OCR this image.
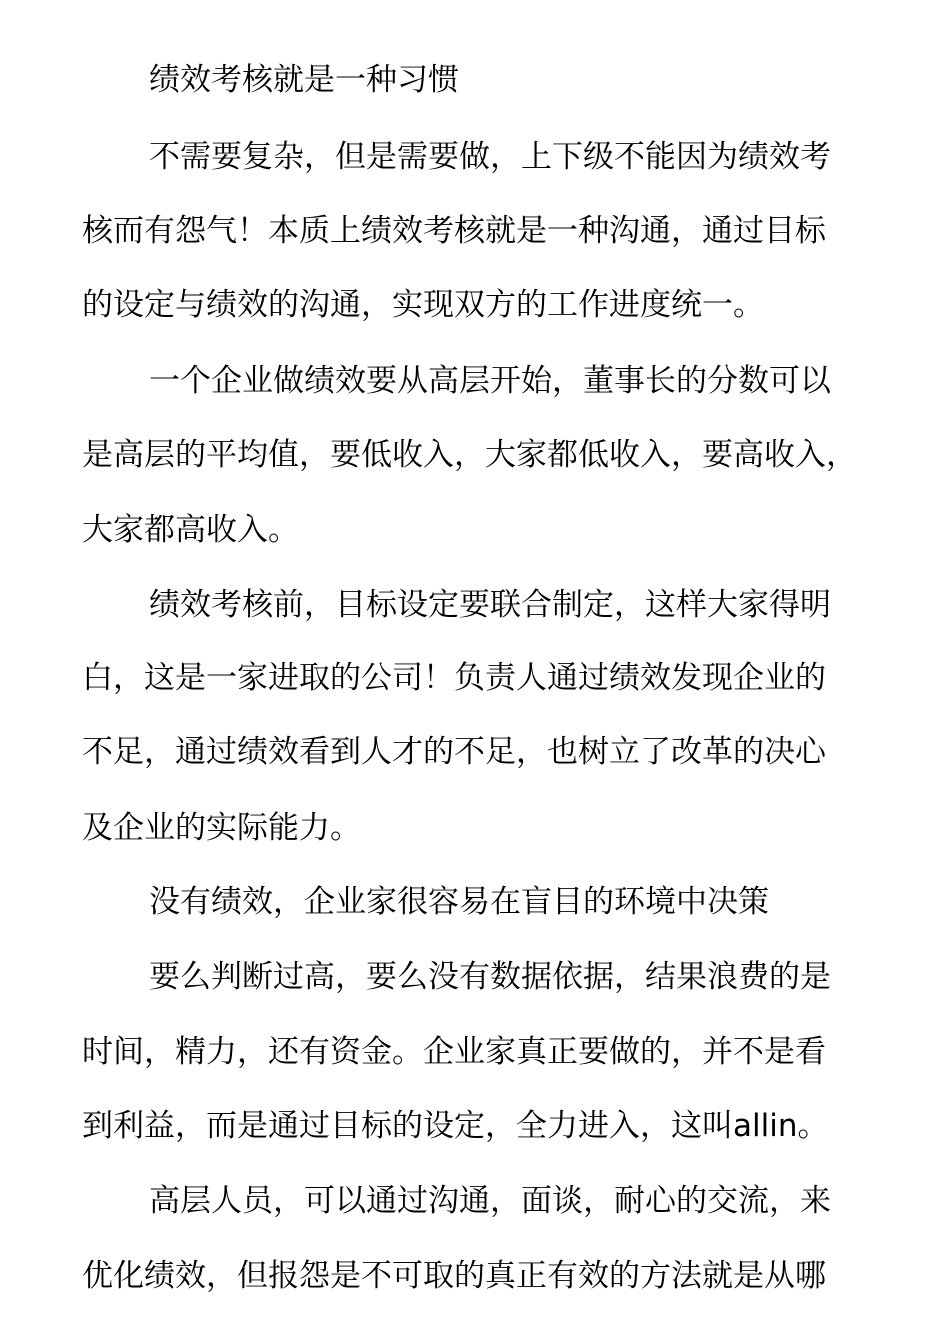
绩效考核就是一种习惯

不需要复杂，但是需要做，上下级不能因为绩效考

核而有怨气！本质上绩效考核就是一种沟通，通过目标

的设定与绩效的沟通，实现双方的工作进度统一。

一个企业做绩效要从高层开始，董事长的分数可以

是高层的平均值，要低收入，大家都低收入，要高收入，

大家都高收入。

绩效考核前，目标设定要联合制定，这样大家得明

白，这是一家进取的公司！负责人通过绩效发现企业的

不足，通过绩效看到人才的不足，也树立了改革的决心

及企业的实际能力。

没有绩效，企业家很容易在盲目的环境中决策

要么判断过高，要么没有数据依据，结果浪费的是

时间，精力，还有资金。企业家真正要做的，并不是看

到利益，而是通过目标的设定，全力进入，这叫allin。

高层人员，可以通过沟通，面谈，耐心的交流，来

优化绩效，但报怨是不可取的真正有效的方法就是从哪
